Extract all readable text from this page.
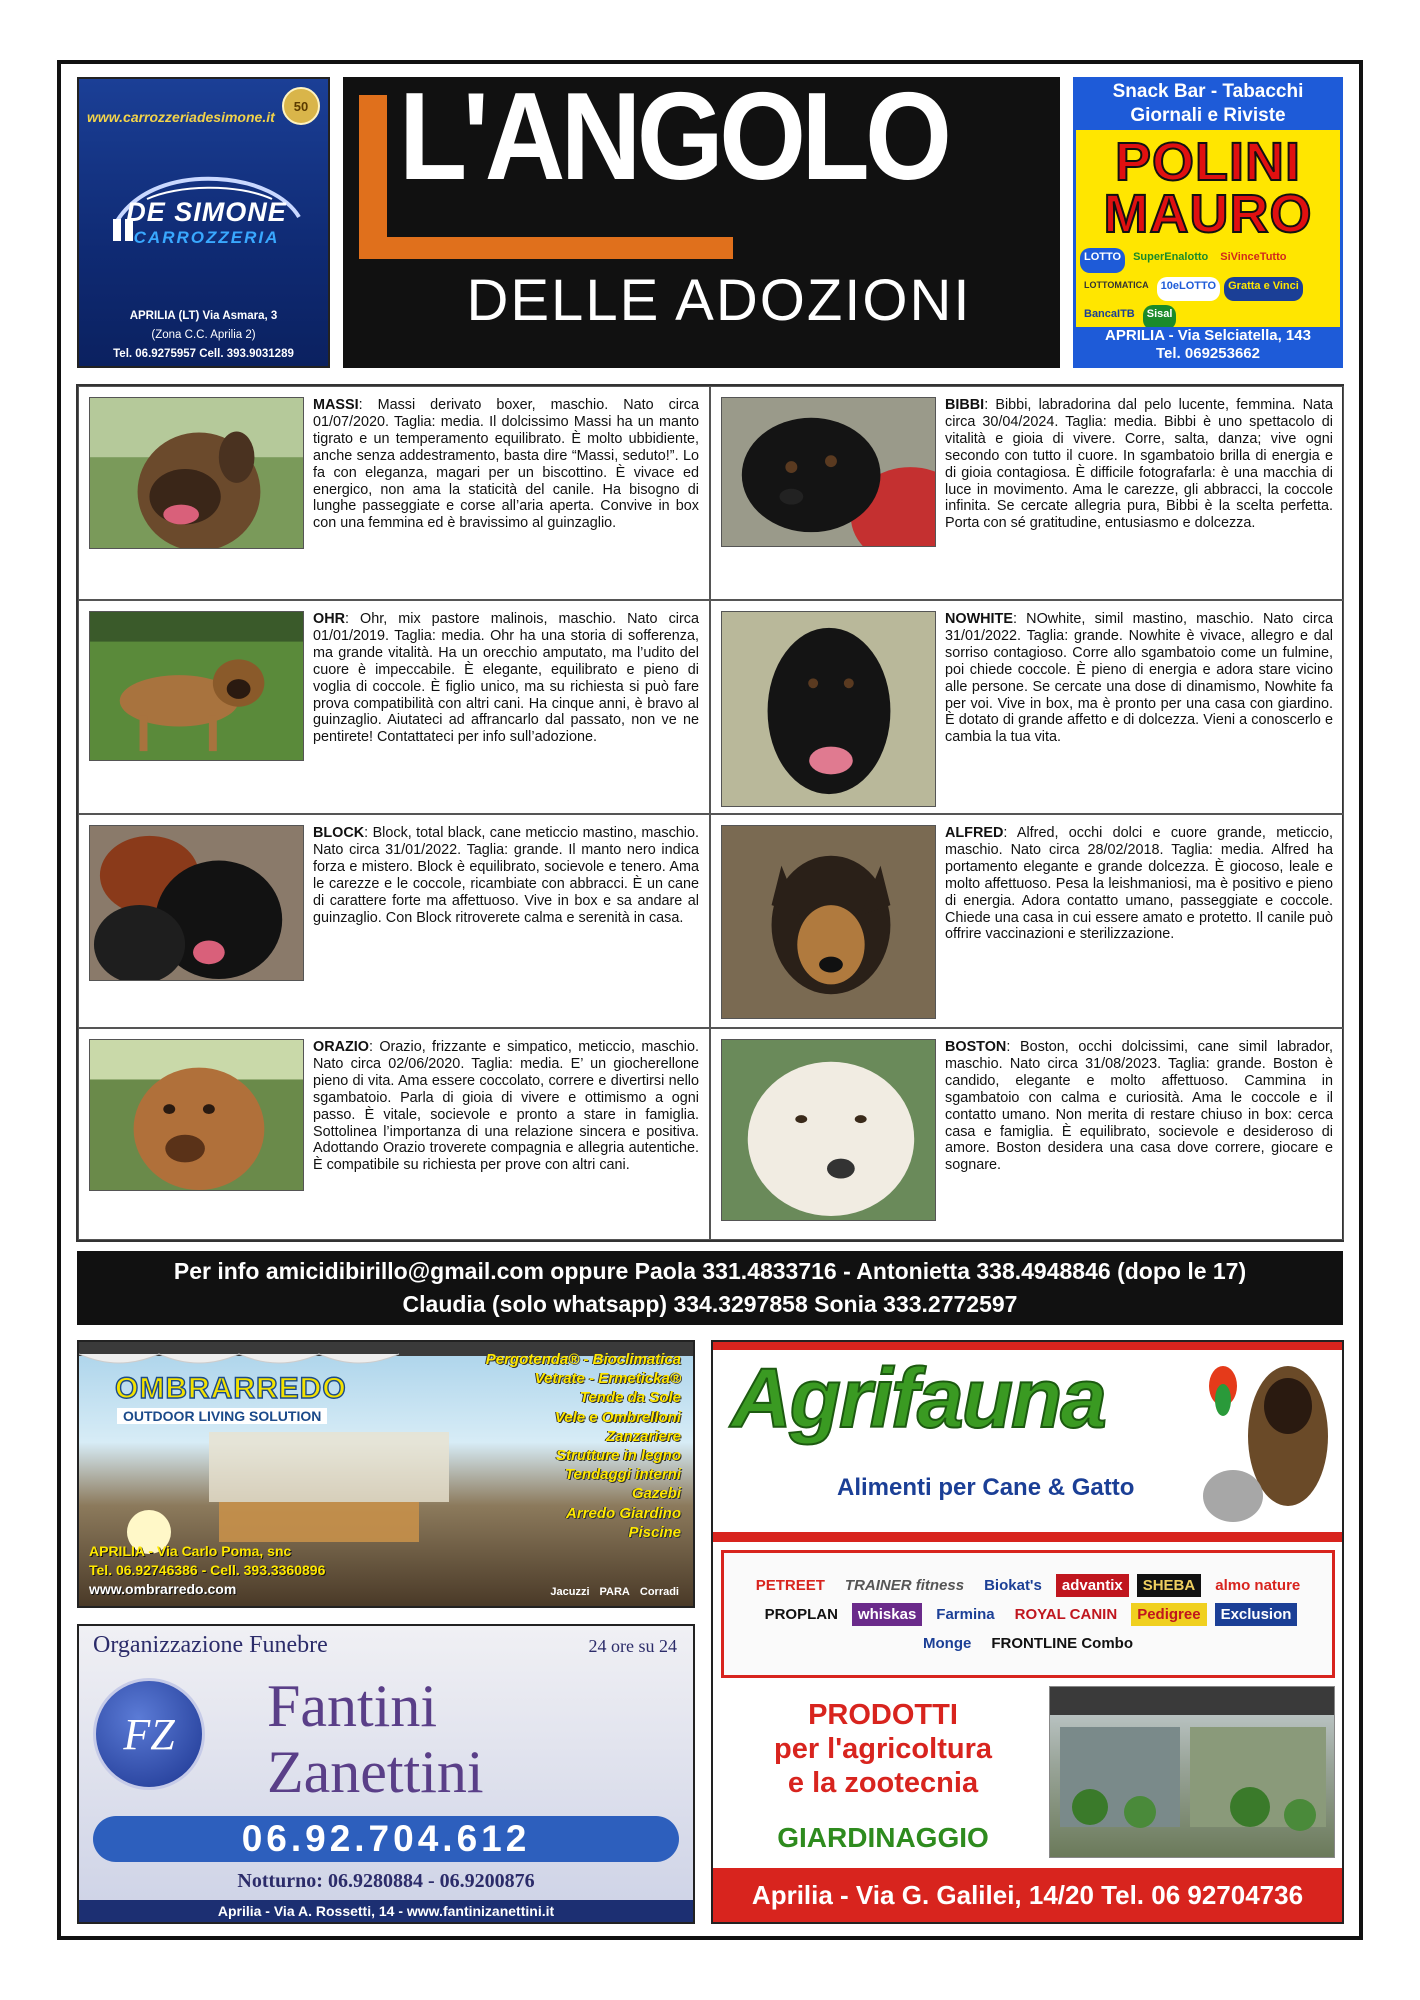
www.carrozzeriadesimone.it
50
DE SIMONE
CARROZZERIA
APRILIA (LT) Via Asmara, 3
(Zona C.C. Aprilia 2)
Tel. 06.9275957 Cell. 393.9031289
L'ANGOLO
DELLE ADOZIONI
Snack Bar - Tabacchi
Giornali e Riviste
POLINI
MAURO
LOTTO	SuperEnalotto	SiVinceTutto
LOTTOMATICA	10eLOTTO	Gratta e Vinci
BancaITB	Sisal
APRILIA - Via Selciatella, 143
Tel. 069253662
MASSI: Massi derivato boxer, maschio. Nato circa 01/07/2020. Taglia: media. Il dolcissimo Massi ha un manto tigrato e un temperamento equilibrato. È molto ubbidiente, anche senza addestramento, basta dire “Massi, seduto!”. Lo fa con eleganza, magari per un biscottino. È vivace ed energico, non ama la staticità del canile. Ha bisogno di lunghe passeggiate e corse all’aria aperta. Convive in box con una femmina ed è bravissimo al guinzaglio.
BIBBI: Bibbi, labradorina dal pelo lucente, femmina. Nata circa 30/04/2024. Taglia: media. Bibbi è uno spettacolo di vitalità e gioia di vivere. Corre, salta, danza; vive ogni secondo con tutto il cuore. In sgambatoio brilla di energia e di gioia contagiosa. È difficile fotografarla: è una macchia di luce in movimento. Ama le carezze, gli abbracci, la coccole infinita. Se cercate allegria pura, Bibbi è la scelta perfetta. Porta con sé gratitudine, entusiasmo e dolcezza.
OHR: Ohr, mix pastore malinois, maschio. Nato circa 01/01/2019. Taglia: media. Ohr ha una storia di sofferenza, ma grande vitalità. Ha un orecchio amputato, ma l’udito del cuore è impeccabile. È elegante, equilibrato e pieno di voglia di coccole. È figlio unico, ma su richiesta si può fare prova compatibilità con altri cani. Ha cinque anni, è bravo al guinzaglio. Aiutateci ad affrancarlo dal passato, non ve ne pentirete! Contattateci per info sull’adozione.
NOWHITE: NOwhite, simil mastino, maschio. Nato circa 31/01/2022. Taglia: grande. Nowhite è vivace, allegro e dal sorriso contagioso. Corre allo sgambatoio come un fulmine, poi chiede coccole. È pieno di energia e adora stare vicino alle persone. Se cercate una dose di dinamismo, Nowhite fa per voi. Vive in box, ma è pronto per una casa con giardino. È dotato di grande affetto e di dolcezza. Vieni a conoscerlo e cambia la tua vita.
BLOCK: Block, total black, cane meticcio mastino, maschio. Nato circa 31/01/2022. Taglia: grande. Il manto nero indica forza e mistero. Block è equilibrato, socievole e tenero. Ama le carezze e le coccole, ricambiate con abbracci. È un cane di carattere forte ma affettuoso. Vive in box e sa andare al guinzaglio. Con Block ritroverete calma e serenità in casa.
ALFRED: Alfred, occhi dolci e cuore grande, meticcio, maschio. Nato circa 28/02/2018. Taglia: media. Alfred ha portamento elegante e grande dolcezza. È giocoso, leale e molto affettuoso. Pesa la leishmaniosi, ma è positivo e pieno di energia. Adora contatto umano, passeggiate e coccole. Chiede una casa in cui essere amato e protetto. Il canile può offrire vaccinazioni e sterilizzazione.
ORAZIO: Orazio, frizzante e simpatico, meticcio, maschio. Nato circa 02/06/2020. Taglia: media. E’ un giocherellone pieno di vita. Ama essere coccolato, correre e divertirsi nello sgambatoio. Parla di gioia di vivere e ottimismo a ogni passo. È vitale, socievole e pronto a stare in famiglia. Sottolinea l’importanza di una relazione sincera e positiva. Adottando Orazio troverete compagnia e allegria autentiche. È compatibile su richiesta per prove con altri cani.
BOSTON: Boston, occhi dolcissimi, cane simil labrador, maschio. Nato circa 31/08/2023. Taglia: grande. Boston è candido, elegante e molto affettuoso. Cammina in sgambatoio con calma e curiosità. Ama le coccole e il contatto umano. Non merita di restare chiuso in box: cerca casa e famiglia. È equilibrato, socievole e desideroso di amore. Boston desidera una casa dove correre, giocare e sognare.
Per info amicidibirillo@gmail.com oppure Paola 331.4833716 - Antonietta 338.4948846 (dopo le 17)
Claudia (solo whatsapp) 334.3297858 Sonia 333.2772597
OMBRARREDO
OUTDOOR LIVING SOLUTION
Pergotenda® - Bioclimatica
Vetrate - Ermeticka®
Tende da Sole
Vele e Ombrelloni
Zanzariere
Strutture in legno
Tendaggi interni
Gazebi
Arredo Giardino
Piscine
APRILIA - Via Carlo Poma, snc
Tel. 06.92746386 - Cell. 393.3360896
www.ombrarredo.com	Jacuzzi PARA Corradi
Organizzazione Funebre	24 ore su 24
FZ	Fantini
Zanettini
06.92.704.612
Notturno: 06.9280884 - 06.9200876
Aprilia - Via A. Rossetti, 14 - www.fantinizanettini.it
Agrifauna
Alimenti per Cane & Gatto
PETREET	TRAINER fitness	Biokat's	advantix	SHEBA	almo nature
PROPLAN	whiskas	Farmina	ROYAL CANIN	Pedigree	Exclusion
Monge	FRONTLINE Combo
PRODOTTI
per l'agricoltura
e la zootecnia
GIARDINAGGIO
Aprilia - Via G. Galilei, 14/20 Tel. 06 92704736
